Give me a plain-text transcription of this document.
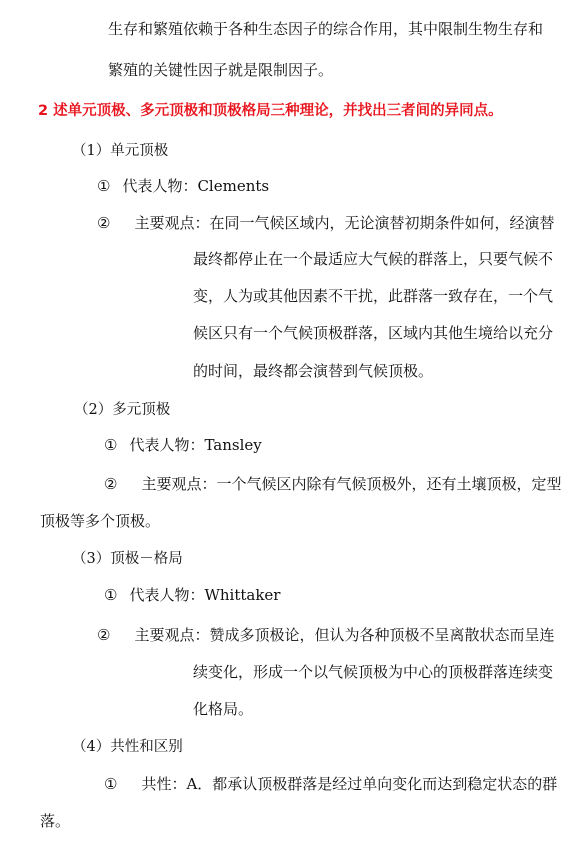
生存和繁殖依赖于各种生态因子的综合作用，其中限制生物生存和
繁殖的关键性因子就是限制因子。
2 述单元顶极、多元顶极和顶极格局三种理论，并找出三者间的异同点。
（1）单元顶极
① 代表人物：Clements
② 主要观点：在同一气候区域内，无论演替初期条件如何，经演替
最终都停止在一个最适应大气候的群落上，只要气候不
变，人为或其他因素不干扰，此群落一致存在，一个气
候区只有一个气候顶极群落，区域内其他生境给以充分
的时间，最终都会演替到气候顶极。
（2）多元顶极
① 代表人物：Tansley
② 主要观点：一个气候区内除有气候顶极外，还有土壤顶极，定型
顶极等多个顶极。
（3）顶极－格局
① 代表人物：Whittaker
② 主要观点：赞成多顶极论，但认为各种顶极不呈离散状态而呈连
续变化，形成一个以气候顶极为中心的顶极群落连续变
化格局。
（4）共性和区别
① 共性：A．都承认顶极群落是经过单向变化而达到稳定状态的群
落。
